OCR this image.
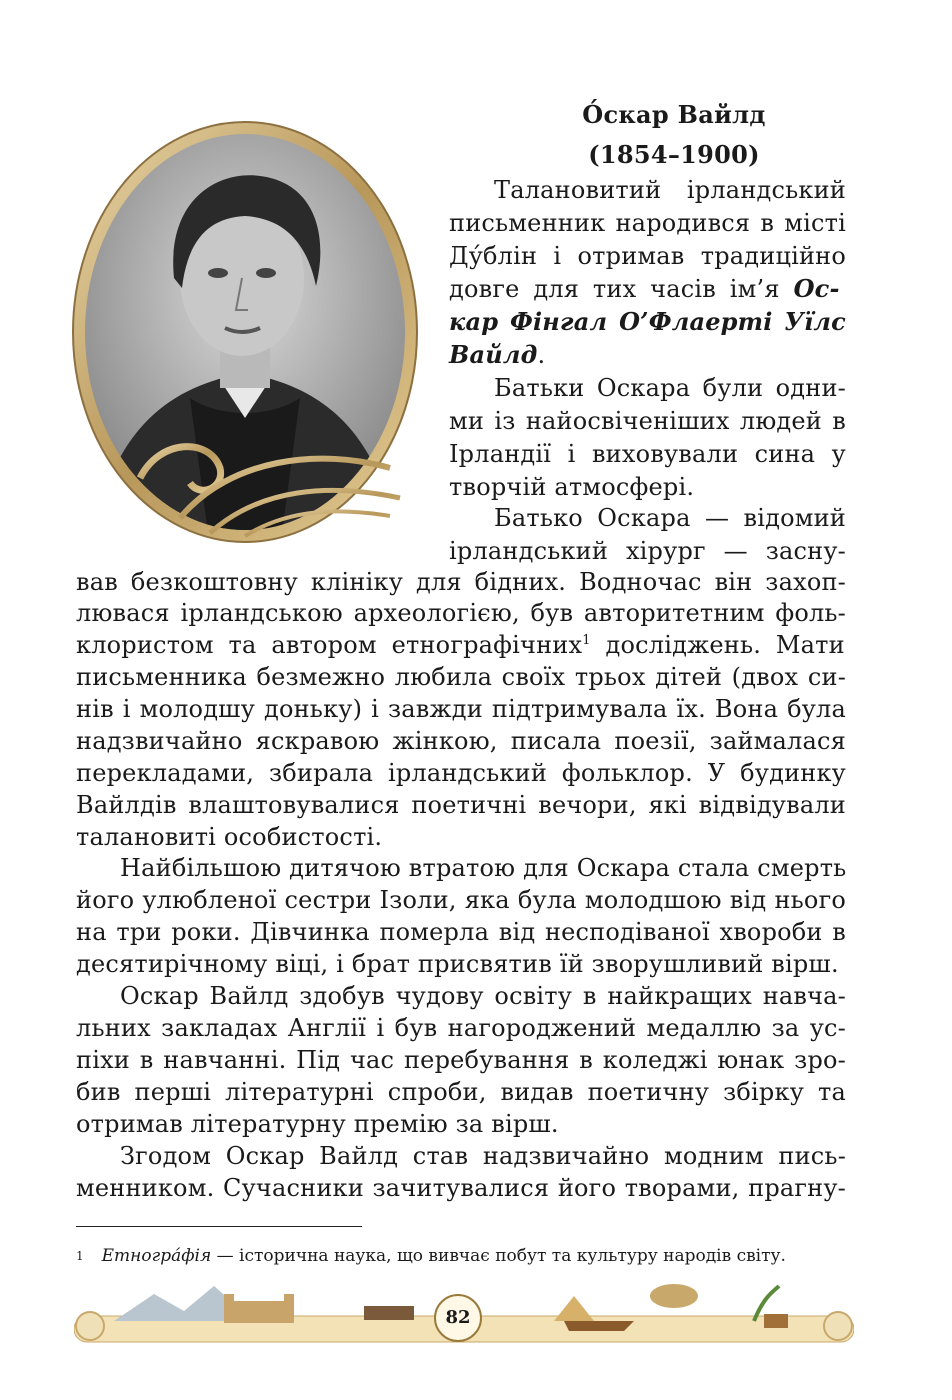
О́скар Вайлд
(1854–1900)
Талановитий ірландський
письменник народився в місті
Ду́блін і отримав традиційно
довге для тих часів ім’я Ос-
кар Фінгал О’Флаерті Уїлс
Вайлд.
Батьки Оскара були одни-
ми із найосвіченіших людей в
Ірландії і виховували сина у
творчій атмосфері.
Батько Оскара — відомий
ірландський хірург — засну-
вав безкоштовну клініку для бідних. Водночас він захоп-
люваcя ірландською археологією, був авторитетним фоль-
клористом та автором етнографічних$^1$ досліджень. Мати
письменника безмежно любила своїх трьох дітей (двох си-
нів і молодшу доньку) і завжди підтримувала їх. Вона була
надзвичайно яскравою жінкою, писала поезії, займалася
перекладами, збирала ірландський фольклор. У будинку
Вайлдів влаштовувалися поетичні вечори, які відвідували
талановиті особистості.
Найбільшою дитячою втратою для Оскара стала смерть
його улюбленої сестри Ізоли, яка була молодшою від нього
на три роки. Дівчинка померла від несподіваної хвороби в
десятирічному віці, і брат присвятив їй зворушливий вірш.
Оскар Вайлд здобув чудову освіту в найкращих навча-
льних закладах Англії і був нагороджений медаллю за ус-
піхи в навчанні. Під час перебування в коледжі юнак зро-
бив перші літературні спроби, видав поетичну збірку та
отримав літературну премію за вірш.
Згодом Оскар Вайлд став надзвичайно модним пись-
менником. Сучасники зачитувалися його творами, прагну-
$^1$ Етногра́фія — історична наука, що вивчає побут та культуру народів світу.
82
